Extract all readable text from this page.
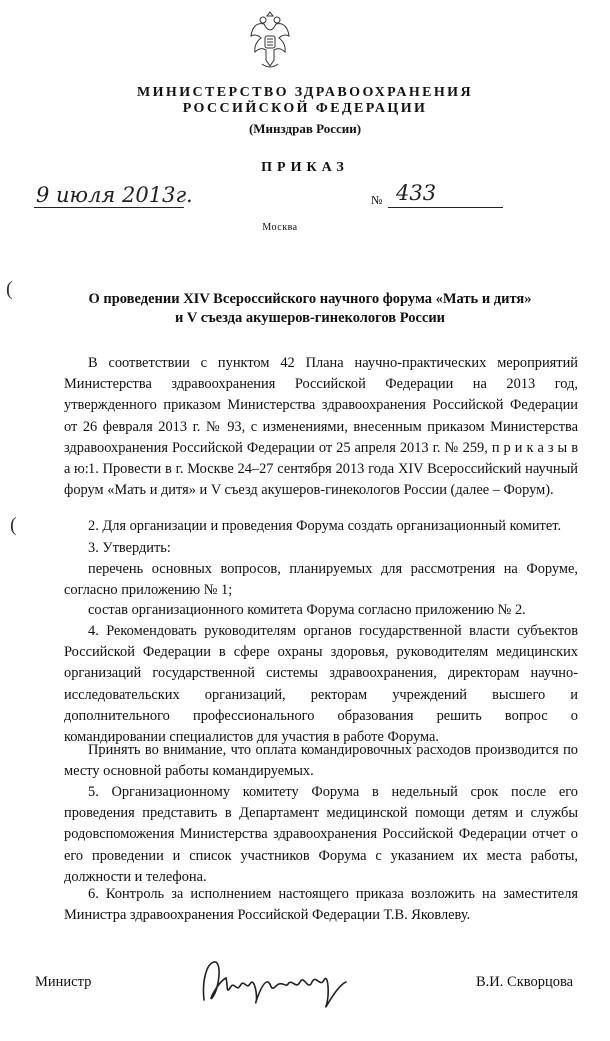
МИНИСТЕРСТВО ЗДРАВООХРАНЕНИЯ
РОССИЙСКОЙ ФЕДЕРАЦИИ
(Минздрав России)
ПРИКАЗ
9 июля 2013г.	№ 433
Москва
(
(
О проведении XIV Всероссийского научного форума «Мать и дитя»
и V съезда акушеров-гинекологов России
В соответствии с пунктом 42 Плана научно-практических мероприятий Министерства здравоохранения Российской Федерации на 2013 год, утвержденного приказом Министерства здравоохранения Российской Федерации от 26 февраля 2013 г. № 93, с изменениями, внесенным приказом Министерства здравоохранения Российской Федерации от 25 апреля 2013 г. № 259, п р и к а з ы в а ю: 1. Провести в г. Москве 24–27 сентября 2013 года XIV Всероссийский научный форум «Мать и дитя» и V съезд акушеров-гинекологов России (далее – Форум).
2. Для организации и проведения Форума создать организационный комитет.
3. Утвердить:
перечень основных вопросов, планируемых для рассмотрения на Форуме, согласно приложению № 1;
состав организационного комитета Форума согласно приложению № 2.
4. Рекомендовать руководителям органов государственной власти субъектов Российской Федерации в сфере охраны здоровья, руководителям медицинских организаций государственной системы здравоохранения, директорам научно-исследовательских организаций, ректорам учреждений высшего и дополнительного профессионального образования решить вопрос о командировании специалистов для участия в работе Форума.
Принять во внимание, что оплата командировочных расходов производится по месту основной работы командируемых.
5. Организационному комитету Форума в недельный срок после его проведения представить в Департамент медицинской помощи детям и службы родовспоможения Министерства здравоохранения Российской Федерации отчет о его проведении и список участников Форума с указанием их места работы, должности и телефона.
6. Контроль за исполнением настоящего приказа возложить на заместителя Министра здравоохранения Российской Федерации Т.В. Яковлеву.
Министр	В.И. Скворцова
